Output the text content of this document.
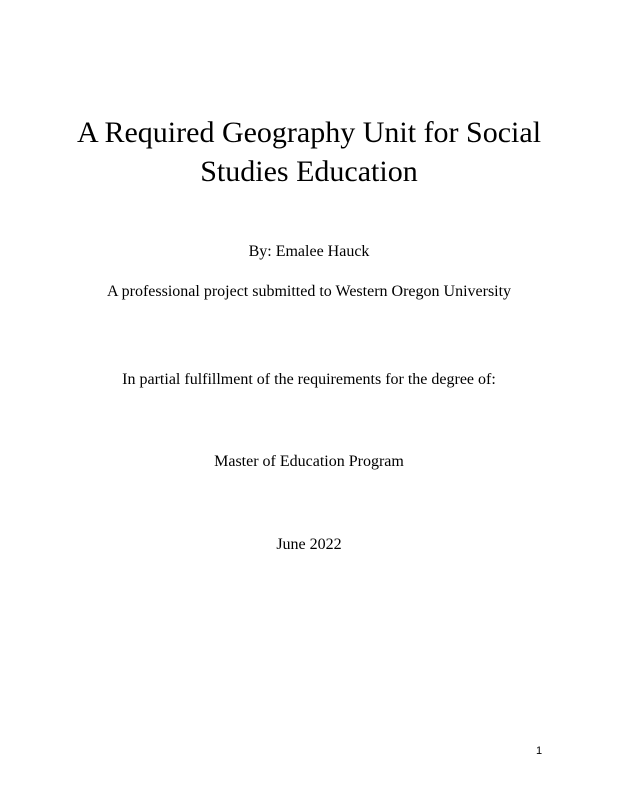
A Required Geography Unit for Social
Studies Education
By: Emalee Hauck
A professional project submitted to Western Oregon University
In partial fulfillment of the requirements for the degree of:
Master of Education Program
June 2022
1
